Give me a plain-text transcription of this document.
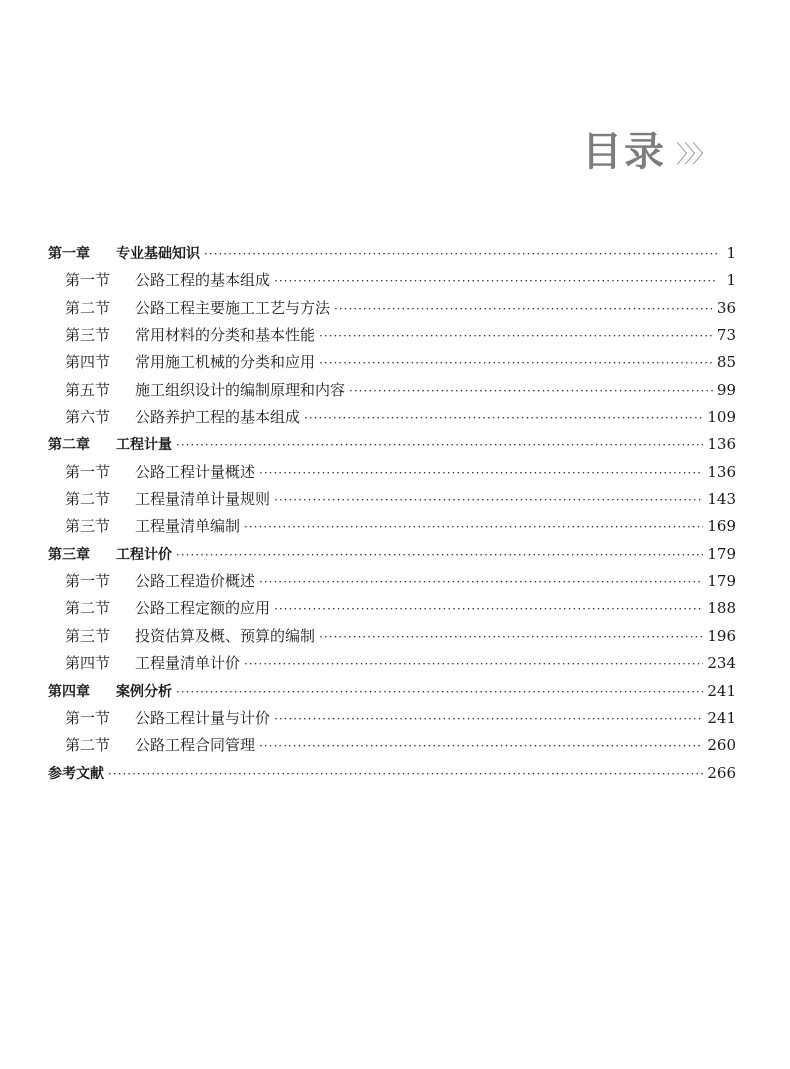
目录 〉〉〉
第一章 专业基础知识 ·····	1
第一节 公路工程的基本组成 ·····	1
第二节 公路工程主要施工工艺与方法 ·····	36
第三节 常用材料的分类和基本性能 ·····	73
第四节 常用施工机械的分类和应用 ·····	85
第五节 施工组织设计的编制原理和内容 ·····	99
第六节 公路养护工程的基本组成 ·····	109
第二章 工程计量 ·····	136
第一节 公路工程计量概述 ·····	136
第二节 工程量清单计量规则 ·····	143
第三节 工程量清单编制 ·····	169
第三章 工程计价 ·····	179
第一节 公路工程造价概述 ·····	179
第二节 公路工程定额的应用 ·····	188
第三节 投资估算及概、预算的编制 ·····	196
第四节 工程量清单计价 ·····	234
第四章 案例分析 ·····	241
第一节 公路工程计量与计价 ·····	241
第二节 公路工程合同管理 ·····	260
参考文献 ·····	266
